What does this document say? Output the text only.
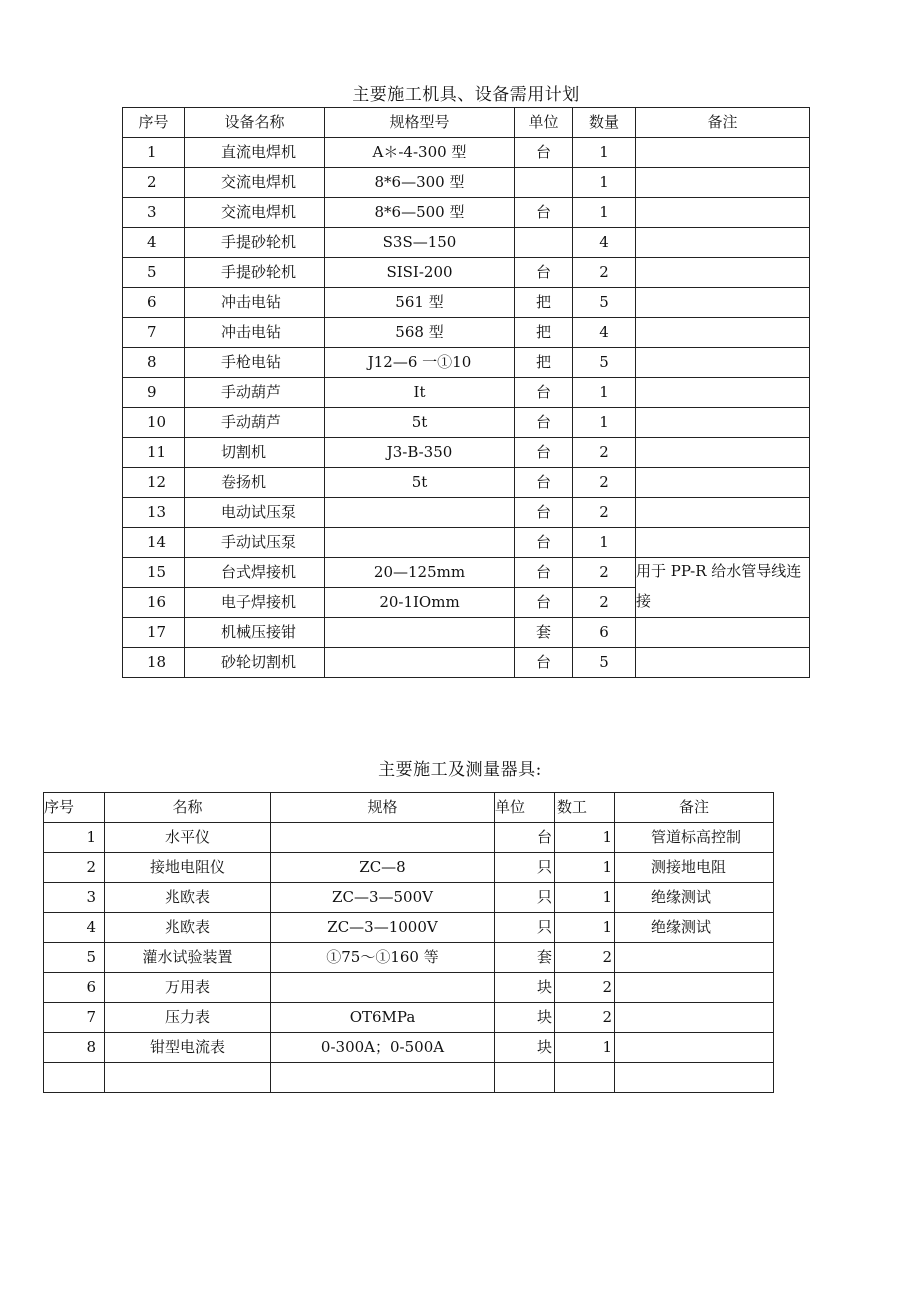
主要施工机具、设备需用计划
序号	设备名称	规格型号	单位	数量	备注
1	直流电焊机	Α＊-4-300 型	台	1	
2	交流电焊机	8*6—300 型		1	
3	交流电焊机	8*6—500 型	台	1	
4	手提砂轮机	S3S—150		4	
5	手提砂轮机	SISI-200	台	2	
6	冲击电钻	561 型	把	5	
7	冲击电钻	568 型	把	4	
8	手枪电钻	J12—6 一①10	把	5	
9	手动葫芦	It	台	1	
10	手动葫芦	5t	台	1	
11	切割机	J3-B-350	台	2	
12	卷扬机	5t	台	2	
13	电动试压泵		台	2	
14	手动试压泵		台	1	
15	台式焊接机	20—125mm	台	2	用于 PP-R 给水管导线连接

16	电子焊接机	20-1IOmm	台	2	
17	机械压接钳		套	6	
18	砂轮切割机		台	5	
主要施工及测量器具:
序号	名称	规格	单位	数工	备注
1	水平仪		台	1	管道标高控制
2	接地电阻仪	ZC—8	只	1	测接地电阻
3	兆欧表	ZC—3—500V	只	1	绝缘测试
4	兆欧表	ZC—3—1000V	只	1	绝缘测试
5	灌水试验装置	①75～①160 等	套	2	
6	万用表		块	2	
7	压力表	OT6MPa	块	2	
8	钳型电流表	0-300A；0-500A	块	1	
